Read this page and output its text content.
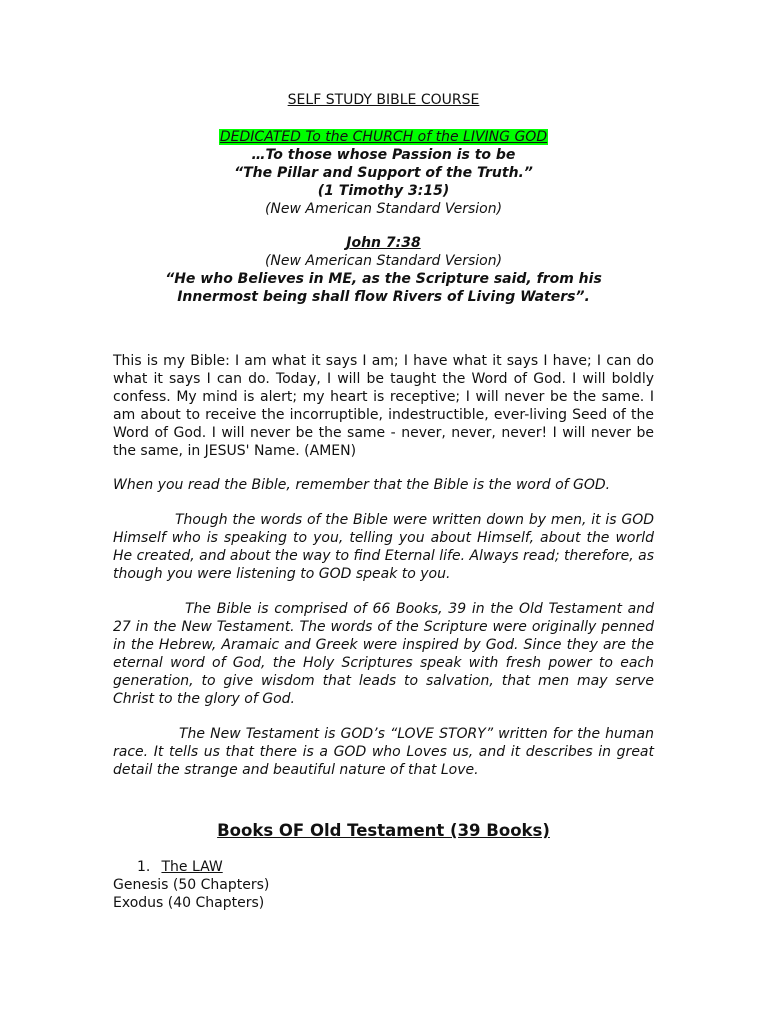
SELF STUDY BIBLE COURSE
DEDICATED To the CHURCH of the LIVING GOD
…To those whose Passion is to be
“The Pillar and Support of the Truth.”
(1 Timothy 3:15)
(New American Standard Version)
John 7:38
(New American Standard Version)
“He who Believes in ME, as the Scripture said, from his
Innermost being shall flow Rivers of Living Waters”.
This is my Bible: I am what it says I am; I have what it says I have; I can do what it says I can do. Today, I will be taught the Word of God. I will boldly confess. My mind is alert; my heart is receptive; I will never be the same. I am about to receive the incorruptible, indestructible, ever-living Seed of the Word of God. I will never be the same - never, never, never! I will never be the same, in JESUS' Name. (AMEN)
When you read the Bible, remember that the Bible is the word of GOD.
Though the words of the Bible were written down by men, it is GOD Himself who is speaking to you, telling you about Himself, about the world He created, and about the way to find Eternal life. Always read; therefore, as though you were listening to GOD speak to you.
The Bible is comprised of 66 Books, 39 in the Old Testament and 27 in the New Testament. The words of the Scripture were originally penned in the Hebrew, Aramaic and Greek were inspired by God. Since they are the eternal word of God, the Holy Scriptures speak with fresh power to each generation, to give wisdom that leads to salvation, that men may serve Christ to the glory of God.
The New Testament is GOD’s “LOVE STORY” written for the human race. It tells us that there is a GOD who Loves us, and it describes in great detail the strange and beautiful nature of that Love.
Books OF Old Testament (39 Books)
1. The LAW
Genesis (50 Chapters)
Exodus (40 Chapters)
